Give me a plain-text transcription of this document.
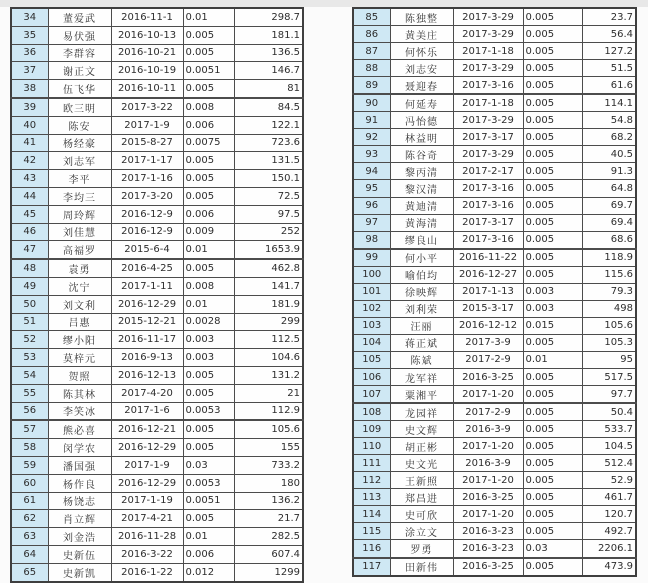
34	董爱武	2016-11-1	0.01	298.7
35	易伏强	2016-10-13	0.005	181.1
36	李群容	2016-10-21	0.005	136.5
37	谢正文	2016-10-19	0.0051	146.7
38	伍飞华	2016-10-11	0.005	81
39	欧三明	2017-3-22	0.008	84.5
40	陈安	2017-1-9	0.006	122.1
41	杨经豪	2015-8-27	0.0075	723.6
42	刘志军	2017-1-17	0.005	131.5
43	李平	2017-1-16	0.005	150.1
44	李均三	2017-3-20	0.005	72.5
45	周玲辉	2016-12-9	0.006	97.5
46	刘佳慧	2016-12-9	0.009	252
47	高福罗	2015-6-4	0.01	1653.9
48	袁勇	2016-4-25	0.005	462.8
49	沈宁	2017-1-11	0.008	141.7
50	刘文利	2016-12-29	0.01	181.9
51	吕惠	2015-12-21	0.0028	299
52	缪小阳	2016-11-17	0.003	112.5
53	莫梓元	2016-9-13	0.003	104.6
54	贺照	2016-12-13	0.005	131.2
55	陈其林	2017-4-20	0.005	21
56	李笑冰	2017-1-6	0.0053	112.9
57	熊必喜	2016-12-21	0.005	105.6
58	闵学农	2016-12-29	0.005	155
59	潘国强	2017-1-9	0.03	733.2
60	杨作良	2016-12-29	0.0053	180
61	杨饶志	2017-1-19	0.0051	136.2
62	肖立辉	2017-4-21	0.005	21.7
63	刘金浩	2016-11-28	0.01	282.5
64	史新伍	2016-3-22	0.006	607.4
65	史新凯	2016-1-22	0.012	1299
85	陈独整	2017-3-29	0.005	23.7
86	黄美庄	2017-3-29	0.005	56.4
87	何怀乐	2017-1-18	0.005	127.2
88	刘志安	2017-3-29	0.005	51.5
89	聂迎春	2017-3-16	0.005	61.6
90	何延寿	2017-1-18	0.005	114.1
91	冯怡德	2017-3-29	0.005	54.8
92	林益明	2017-3-17	0.005	68.2
93	陈谷奇	2017-3-29	0.005	40.5
94	黎丙清	2017-2-17	0.005	91.3
95	黎汉清	2017-3-16	0.005	64.8
96	黄迪清	2017-3-16	0.005	69.7
97	黄海清	2017-3-17	0.005	69.4
98	缪良山	2017-3-16	0.005	68.6
99	何小平	2016-11-22	0.005	118.9
100	喻伯均	2016-12-27	0.005	115.6
101	徐映辉	2017-1-13	0.003	79.3
102	刘利荣	2015-3-17	0.003	498
103	汪丽	2016-12-12	0.015	105.6
104	蒋正斌	2017-3-9	0.005	105.3
105	陈斌	2017-2-9	0.01	95
106	龙军祥	2016-3-25	0.005	517.5
107	粟湘平	2017-1-20	0.005	97.7
108	龙园祥	2017-2-9	0.005	50.4
109	史文辉	2016-3-9	0.005	533.7
110	胡正彬	2017-1-20	0.005	104.5
111	史文光	2016-3-9	0.005	512.4
112	王新照	2017-1-20	0.005	52.9
113	郑昌进	2016-3-25	0.005	461.7
114	史可欣	2017-1-20	0.005	120.7
115	涂立文	2016-3-23	0.005	492.7
116	罗勇	2016-3-23	0.03	2206.1
117	田新伟	2016-3-25	0.005	473.9
